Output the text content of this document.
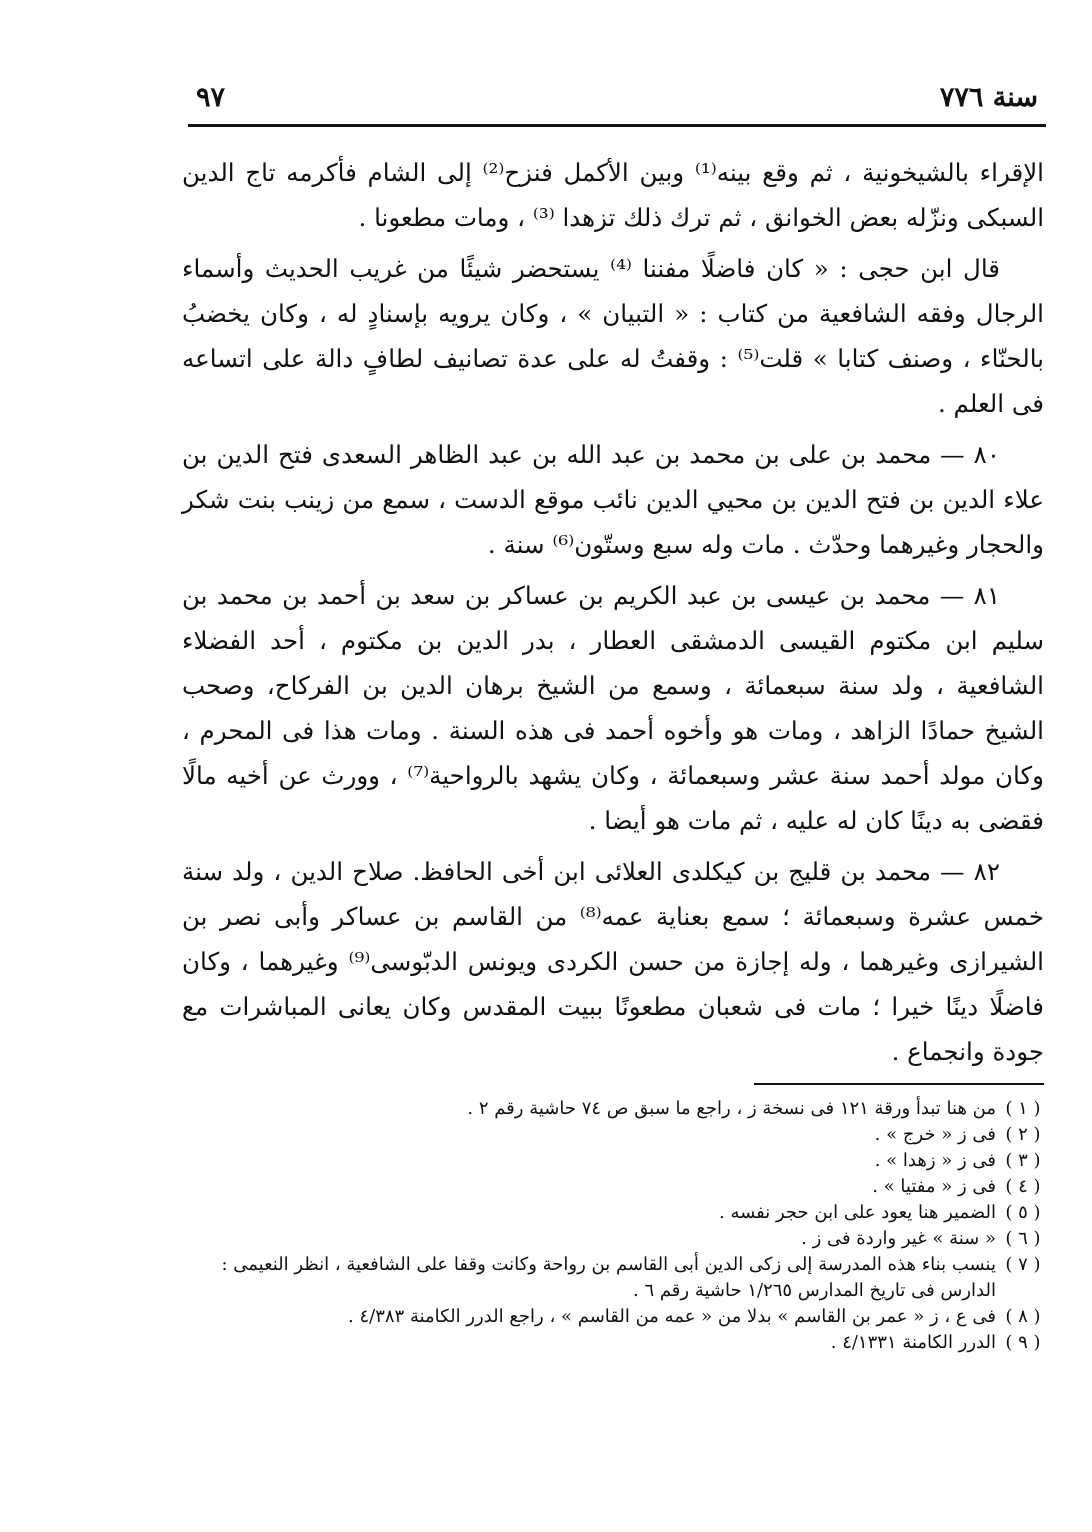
سنة ٧٧٦
٩٧

الإقراء بالشيخونية ، ثم وقع بينه⁽¹⁾ وبين الأكمل فنزح⁽²⁾ إلى الشام فأكرمه تاج الدين السبكى ونزّله بعض الخوانق ، ثم ترك ذلك تزهدا ⁽³⁾ ، ومات مطعونا .

قال ابن حجى : « كان فاضلًا مفننا ⁽⁴⁾ يستحضر شيئًا من غريب الحديث وأسماء الرجال وفقه الشافعية من كتاب : « التبيان » ، وكان يرويه بإسنادٍ له ، وكان يخضبُ بالحنّاء ، وصنف كتابا » قلت⁽⁵⁾ : وقفتُ له على عدة تصانيف لطافٍ دالة على اتساعه فى العلم .

٨٠ — محمد بن على بن محمد بن عبد الله بن عبد الظاهر السعدى فتح الدين بن علاء الدين بن فتح الدين بن محيي الدين نائب موقع الدست ، سمع من زينب بنت شكر والحجار وغيرهما وحدّث . مات وله سبع وستّون⁽⁶⁾ سنة .

٨١ — محمد بن عيسى بن عبد الكريم بن عساكر بن سعد بن أحمد بن محمد بن سليم ابن مكتوم القيسى الدمشقى العطار ، بدر الدين بن مكتوم ، أحد الفضلاء الشافعية ، ولد سنة سبعمائة ، وسمع من الشيخ برهان الدين بن الفركاح، وصحب الشيخ حمادًا الزاهد ، ومات هو وأخوه أحمد فى هذه السنة . ومات هذا فى المحرم ، وكان مولد أحمد سنة عشر وسبعمائة ، وكان يشهد بالرواحية⁽⁷⁾ ، وورث عن أخيه مالًا فقضى به دينًا كان له عليه ، ثم مات هو أيضا .

٨٢ — محمد بن قليج بن كيكلدى العلائى ابن أخى الحافظ. صلاح الدين ، ولد سنة خمس عشرة وسبعمائة ؛ سمع بعناية عمه⁽⁸⁾ من القاسم بن عساكر وأبى نصر بن الشيرازى وغيرهما ، وله إجازة من حسن الكردى ويونس الدبّوسى⁽⁹⁾ وغيرهما ، وكان فاضلًا دينًا خيرا ؛ مات فى شعبان مطعونًا ببيت المقدس وكان يعانى المباشرات مع جودة وانجماع .

( ١ )
من هنا تبدأ ورقة ١٢١ فى نسخة ز ، راجع ما سبق ص ٧٤ حاشية رقم ٢ .
( ٢ )
فى ز « خرج » .
( ٣ )
فى ز « زهدا » .
( ٤ )
فى ز « مفتيا » .
( ٥ )
الضمير هنا يعود على ابن حجر نفسه .
( ٦ )
« سنة » غير واردة فى ز .
( ٧ )
ينسب بناء هذه المدرسة إلى زكى الدين أبى القاسم بن رواحة وكانت وقفا على الشافعية ، انظر النعيمى : الدارس فى تاريخ المدارس ١/٢٦٥ حاشية رقم ٦ .
( ٨ )
فى ع ، ز « عمر بن القاسم » بدلا من « عمه من القاسم » ، راجع الدرر الكامنة ٤/٣٨٣ .
( ٩ )
الدرر الكامنة ٤/١٣٣١ .
